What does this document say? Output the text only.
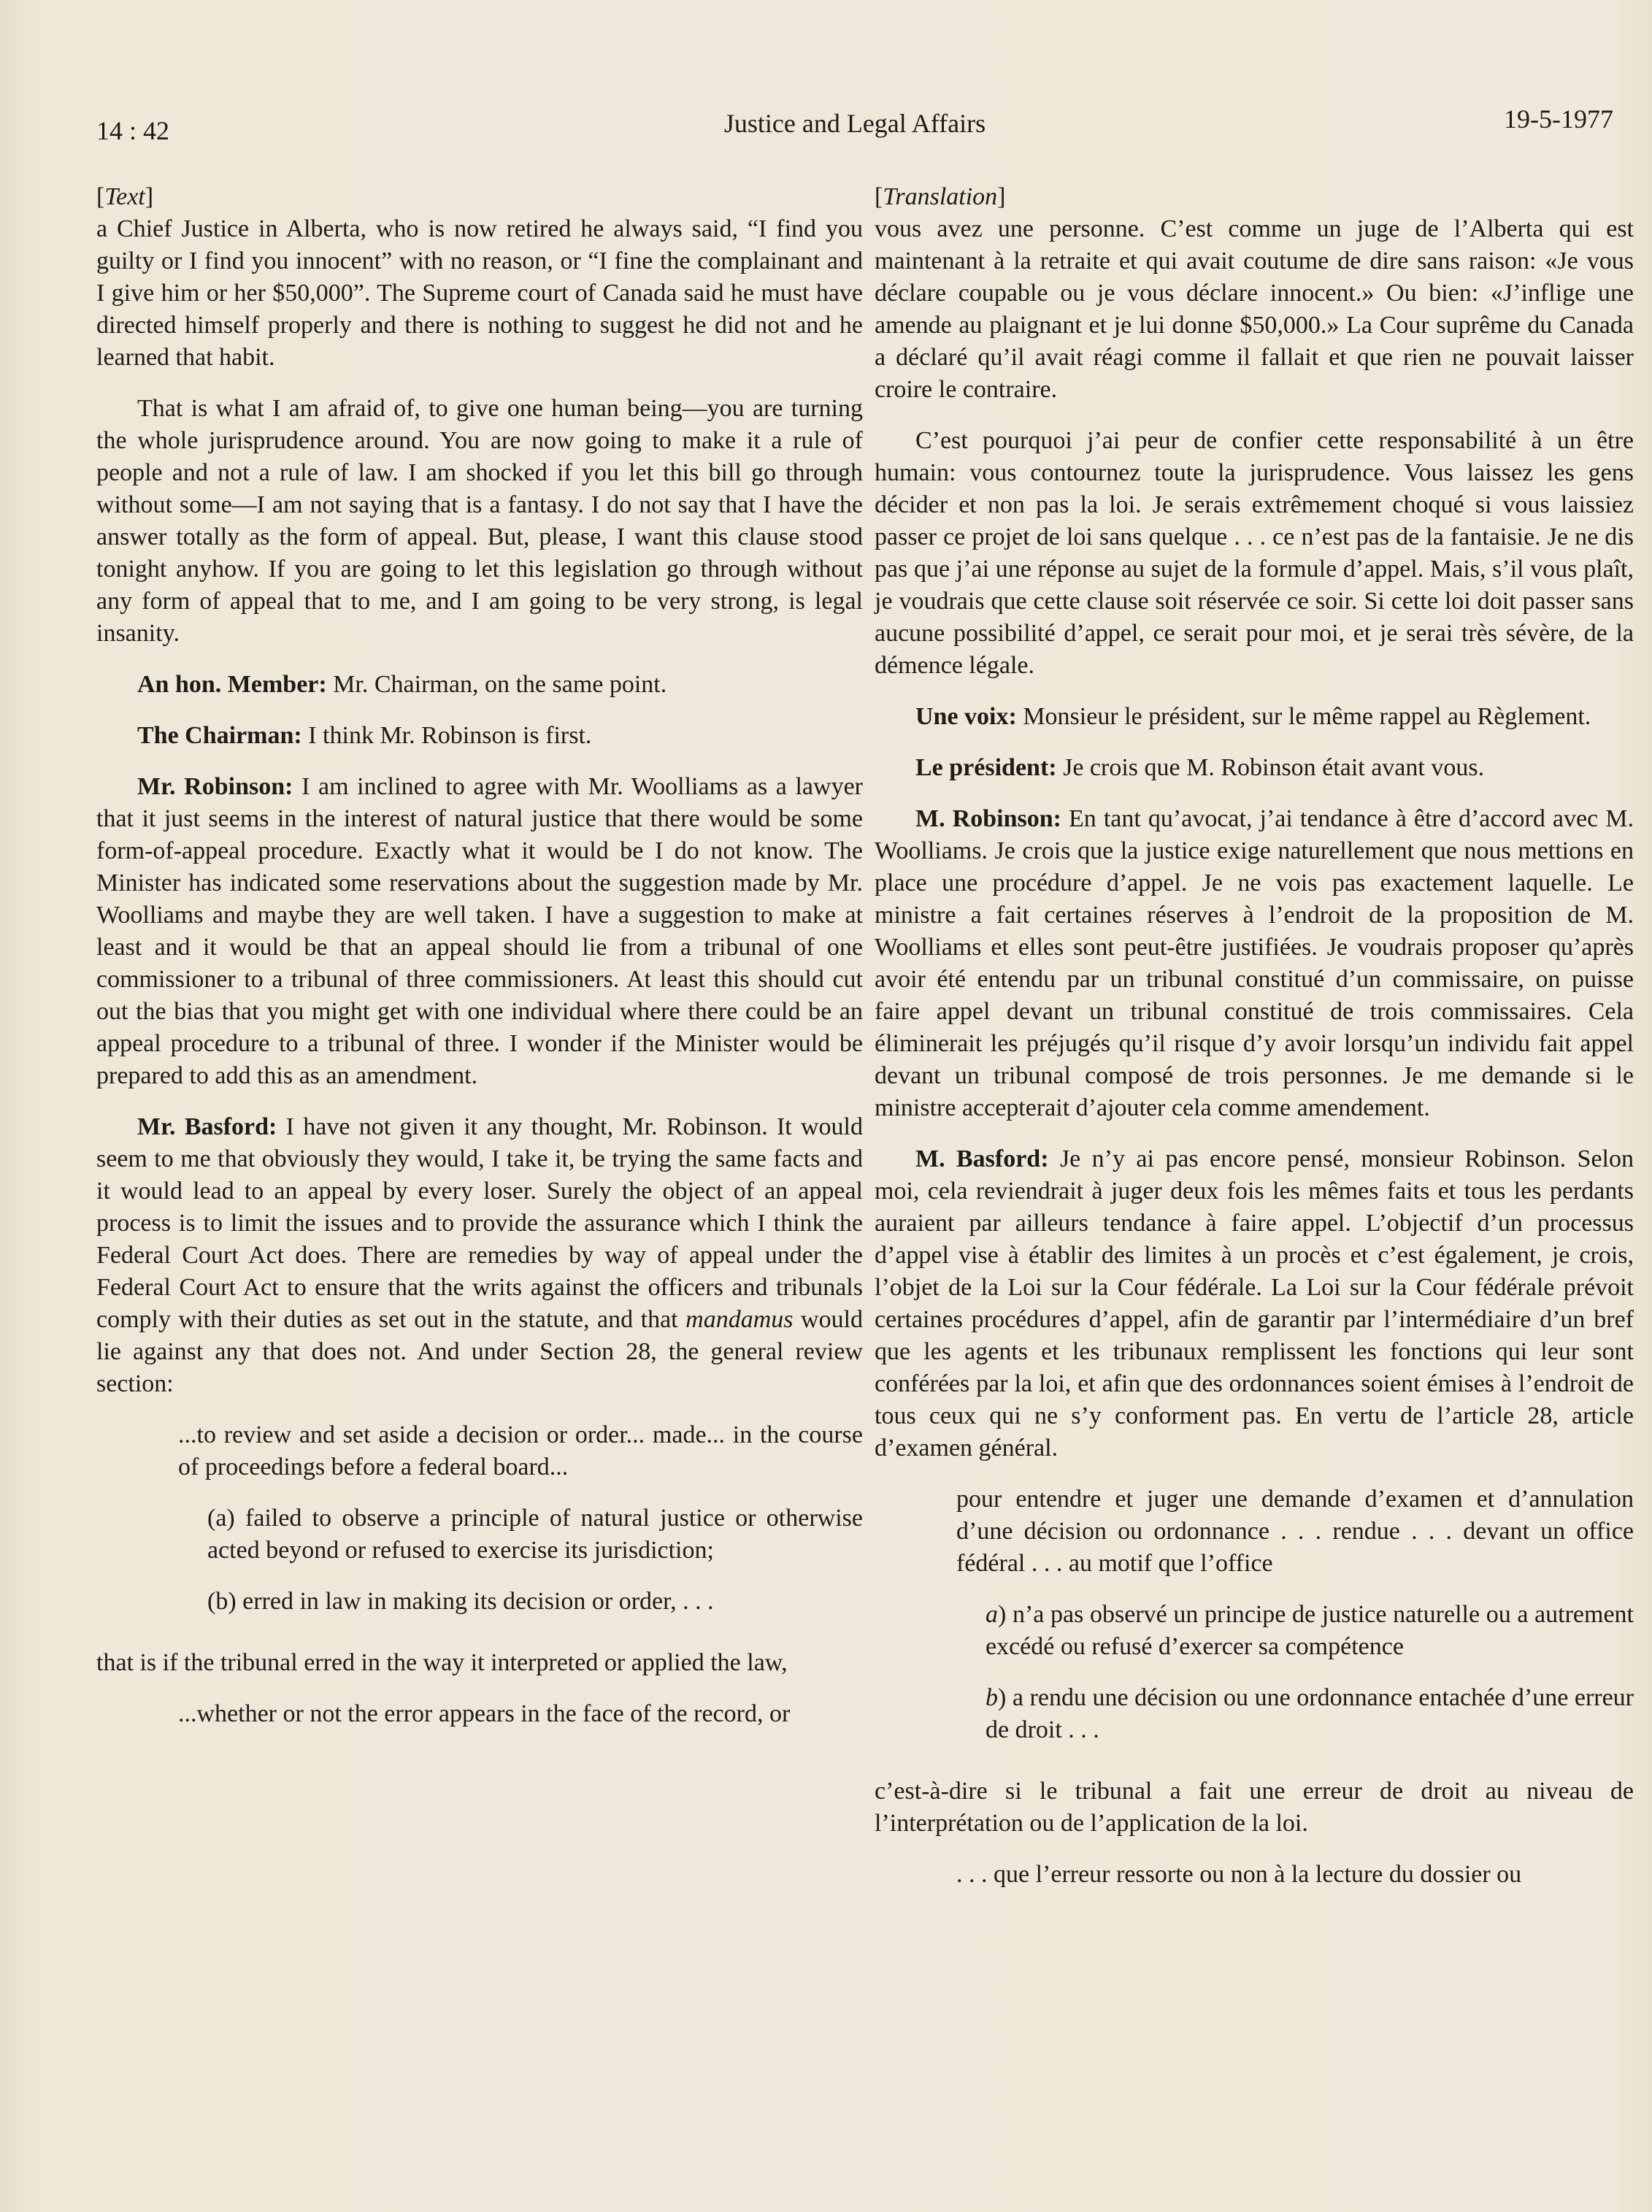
14 : 42	Justice and Legal Affairs	19-5-1977

[Text]

a Chief Justice in Alberta, who is now retired he always said, “I find you guilty or I find you innocent” with no reason, or “I fine the complainant and I give him or her $50,000”. The Supreme court of Canada said he must have directed himself properly and there is nothing to suggest he did not and he learned that habit.

That is what I am afraid of, to give one human being—you are turning the whole jurisprudence around. You are now going to make it a rule of people and not a rule of law. I am shocked if you let this bill go through without some—I am not saying that is a fantasy. I do not say that I have the answer totally as the form of appeal. But, please, I want this clause stood tonight anyhow. If you are going to let this legislation go through without any form of appeal that to me, and I am going to be very strong, is legal insanity.

An hon. Member: Mr. Chairman, on the same point.

The Chairman: I think Mr. Robinson is first.

Mr. Robinson: I am inclined to agree with Mr. Woolliams as a lawyer that it just seems in the interest of natural justice that there would be some form-of-appeal procedure. Exactly what it would be I do not know. The Minister has indicated some reservations about the suggestion made by Mr. Woolliams and maybe they are well taken. I have a suggestion to make at least and it would be that an appeal should lie from a tribunal of one commissioner to a tribunal of three commissioners. At least this should cut out the bias that you might get with one individual where there could be an appeal procedure to a tribunal of three. I wonder if the Minister would be prepared to add this as an amendment.

Mr. Basford: I have not given it any thought, Mr. Robinson. It would seem to me that obviously they would, I take it, be trying the same facts and it would lead to an appeal by every loser. Surely the object of an appeal process is to limit the issues and to provide the assurance which I think the Federal Court Act does. There are remedies by way of appeal under the Federal Court Act to ensure that the writs against the officers and tribunals comply with their duties as set out in the statute, and that mandamus would lie against any that does not. And under Section 28, the general review section:

...to review and set aside a decision or order... made... in the course of proceedings before a federal board...

(a) failed to observe a principle of natural justice or otherwise acted beyond or refused to exercise its jurisdiction;

(b) erred in law in making its decision or order, . . .

that is if the tribunal erred in the way it interpreted or applied the law,

...whether or not the error appears in the face of the record, or

[Translation]

vous avez une personne. C’est comme un juge de l’Alberta qui est maintenant à la retraite et qui avait coutume de dire sans raison: «Je vous déclare coupable ou je vous déclare innocent.» Ou bien: «J’inflige une amende au plaignant et je lui donne $50,000.» La Cour suprême du Canada a déclaré qu’il avait réagi comme il fallait et que rien ne pouvait laisser croire le contraire.

C’est pourquoi j’ai peur de confier cette responsabilité à un être humain: vous contournez toute la jurisprudence. Vous laissez les gens décider et non pas la loi. Je serais extrêmement choqué si vous laissiez passer ce projet de loi sans quelque . . . ce n’est pas de la fantaisie. Je ne dis pas que j’ai une réponse au sujet de la formule d’appel. Mais, s’il vous plaît, je voudrais que cette clause soit réservée ce soir. Si cette loi doit passer sans aucune possibilité d’appel, ce serait pour moi, et je serai très sévère, de la démence légale.

Une voix: Monsieur le président, sur le même rappel au Règlement.

Le président: Je crois que M. Robinson était avant vous.

M. Robinson: En tant qu’avocat, j’ai tendance à être d’accord avec M. Woolliams. Je crois que la justice exige naturellement que nous mettions en place une procédure d’appel. Je ne vois pas exactement laquelle. Le ministre a fait certaines réserves à l’endroit de la proposition de M. Woolliams et elles sont peut-être justifiées. Je voudrais proposer qu’après avoir été entendu par un tribunal constitué d’un commissaire, on puisse faire appel devant un tribunal constitué de trois commissaires. Cela éliminerait les préjugés qu’il risque d’y avoir lorsqu’un individu fait appel devant un tribunal composé de trois personnes. Je me demande si le ministre accepterait d’ajouter cela comme amendement.

M. Basford: Je n’y ai pas encore pensé, monsieur Robinson. Selon moi, cela reviendrait à juger deux fois les mêmes faits et tous les perdants auraient par ailleurs tendance à faire appel. L’objectif d’un processus d’appel vise à établir des limites à un procès et c’est également, je crois, l’objet de la Loi sur la Cour fédérale. La Loi sur la Cour fédérale prévoit certaines procédures d’appel, afin de garantir par l’intermédiaire d’un bref que les agents et les tribunaux remplissent les fonctions qui leur sont conférées par la loi, et afin que des ordonnances soient émises à l’endroit de tous ceux qui ne s’y conforment pas. En vertu de l’article 28, article d’examen général.

pour entendre et juger une demande d’examen et d’annulation d’une décision ou ordonnance . . . rendue . . . devant un office fédéral . . . au motif que l’office

a) n’a pas observé un principe de justice naturelle ou a autrement excédé ou refusé d’exercer sa compétence

b) a rendu une décision ou une ordonnance entachée d’une erreur de droit . . .

c’est-à-dire si le tribunal a fait une erreur de droit au niveau de l’interprétation ou de l’application de la loi.

. . . que l’erreur ressorte ou non à la lecture du dossier ou
